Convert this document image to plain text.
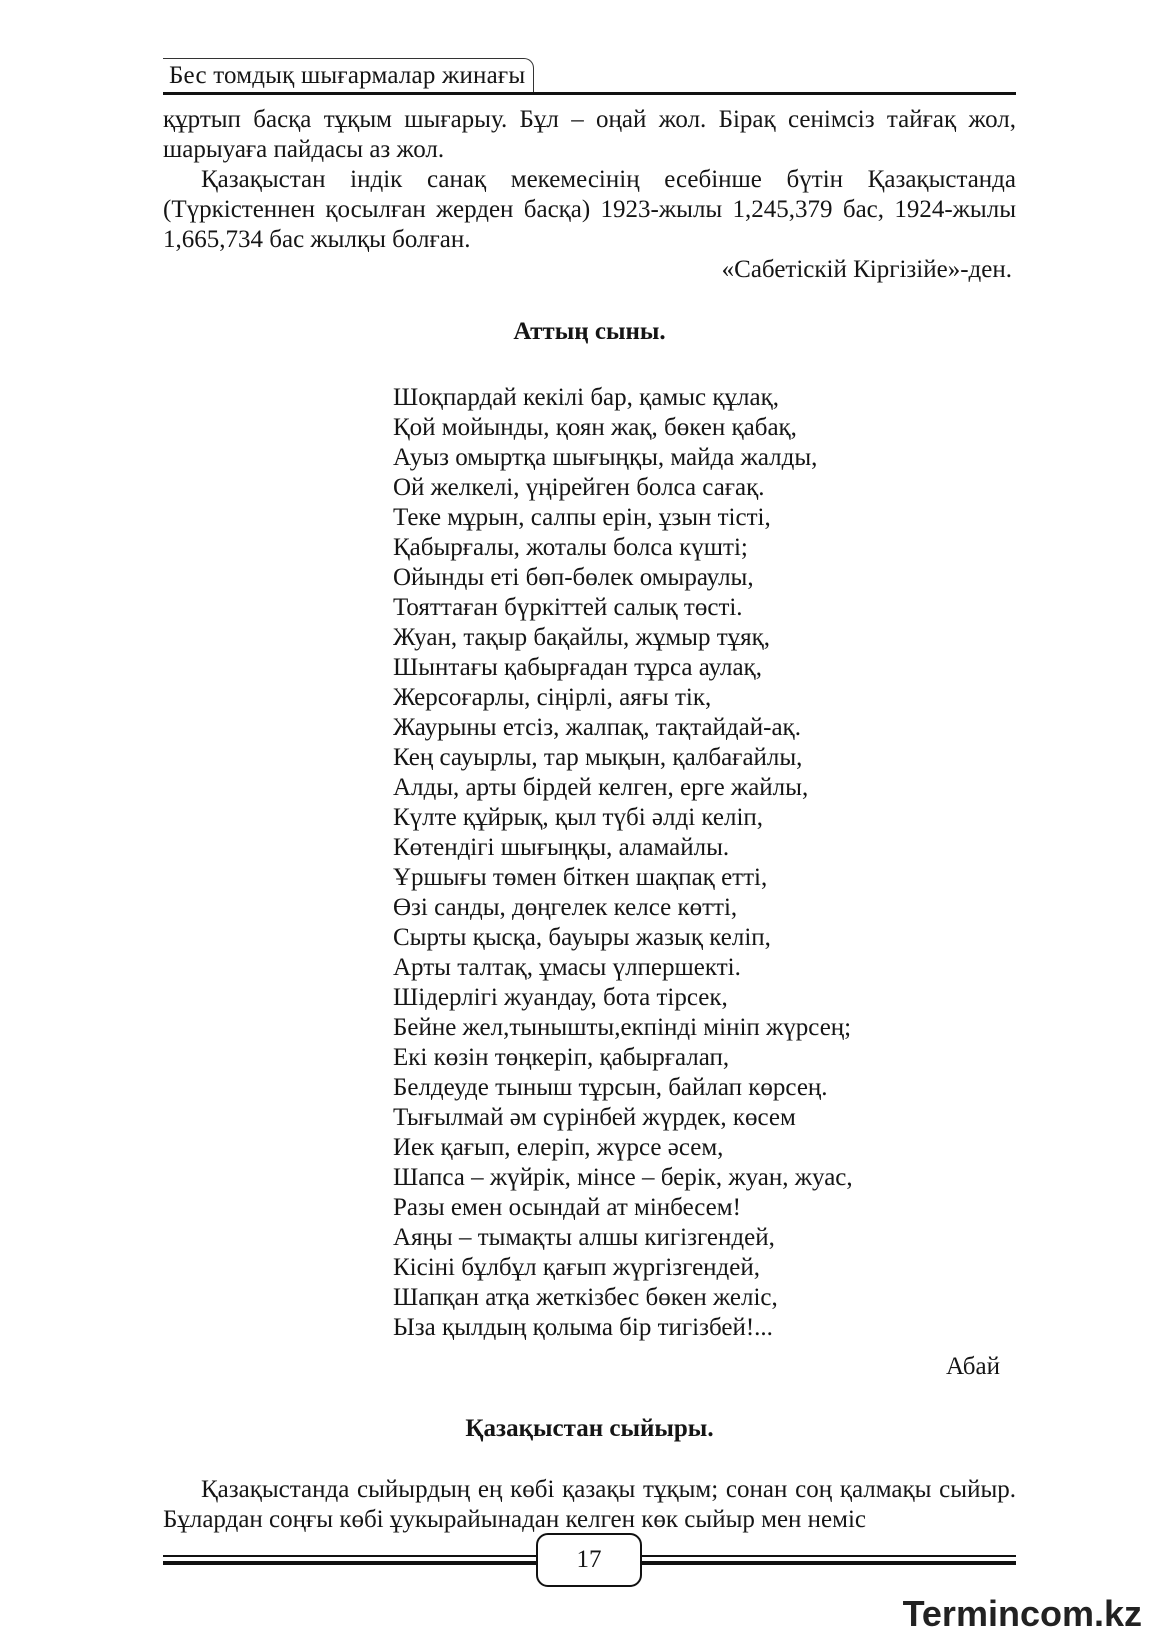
Бес томдық шығармалар жинағы
құртып басқа тұқым шығарыу. Бұл – оңай жол. Бірақ сенімсіз тайғақ жол, шарыуаға пайдасы аз жол.
Қазақыстан індік санақ мекемесінің есебінше бүтін Қазақыстанда (Түркістеннен қосылған жерден басқа) 1923-жылы 1,245,379 бас, 1924-жылы 1,665,734 бас жылқы болған.
«Сабетіскій Кіргізійе»-ден.
Аттың сыны.
Шоқпардай кекілі бар, қамыс құлақ,
Қой мойынды, қоян жақ, бөкен қабақ,
Ауыз омыртқа шығыңқы, майда жалды,
Ой желкелі, үңірейген болса сағақ.
Теке мұрын, салпы ерін, ұзын тісті,
Қабырғалы, жоталы болса күшті;
Ойынды еті бөп-бөлек омыраулы,
Тояттаған бүркіттей салық төсті.
Жуан, тақыр бақайлы, жұмыр тұяқ,
Шынтағы қабырғадан тұрса аулақ,
Жерсоғарлы, сіңірлі, аяғы тік,
Жаурыны етсіз, жалпақ, тақтайдай-ақ.
Кең сауырлы, тар мықын, қалбағайлы,
Алды, арты бірдей келген, ерге жайлы,
Күлте құйрық, қыл түбі әлді келіп,
Көтендігі шығыңқы, аламайлы.
Ұршығы төмен біткен шақпақ етті,
Өзі санды, дөңгелек келсе көтті,
Сырты қысқа, бауыры жазық келіп,
Арты талтақ, ұмасы үлпершекті.
Шідерлігі жуандау, бота тірсек,
Бейне жел,тынышты,екпінді мініп жүрсең;
Екі көзін төңкеріп, қабырғалап,
Белдеуде тыныш тұрсын, байлап көрсең.
Тығылмай әм сүрінбей жүрдек, көсем
Иек қағып, елеріп, жүрсе әсем,
Шапса – жүйрік, мінсе – берік, жуан, жуас,
Разы емен осындай ат мінбесем!
Аяңы – тымақты алшы кигізгендей,
Кісіні бұлбұл қағып жүргізгендей,
Шапқан атқа жеткізбес бөкен желіс,
Ыза қылдың қолыма бір тигізбей!...
Абай
Қазақыстан сыйыры.
Қазақыстанда сыйырдың ең көбі қазақы тұқым; сонан соң қалмақы сыйыр. Бұлардан соңғы көбі ұукырайынадан келген көк сыйыр мен неміс
17
Termincom.kz
